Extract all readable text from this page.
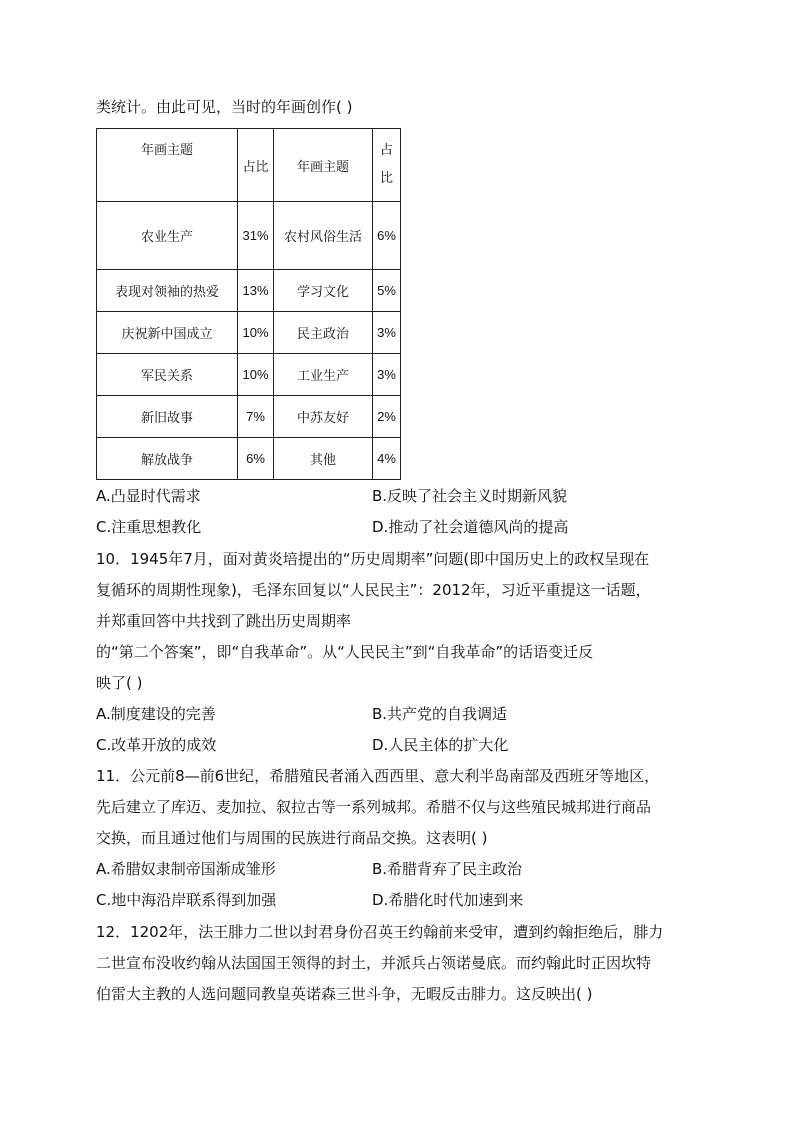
类统计。由此可见，当时的年画创作( )
年画主题	占比	年画主题	占
比
农业生产	31%	农村风俗生活	6%
表现对领袖的热爱	13%	学习文化	5%
庆祝新中国成立	10%	民主政治	3%
军民关系	10%	工业生产	3%
新旧故事	7%	中苏友好	2%
解放战争	6%	其他	4%
A.凸显时代需求	B.反映了社会主义时期新风貌
C.注重思想教化	D.推动了社会道德风尚的提高
10．1945年7月，面对黄炎培提出的“历史周期率”问题(即中国历史上的政权呈现在
复循环的周期性现象)，毛泽东回复以“人民民主”：2012年，习近平重提这一话题，
并郑重回答中共找到了跳出历史周期率
的“第二个答案”，即“自我革命”。从“人民民主”到“自我革命”的话语变迁反
映了( )
A.制度建设的完善	B.共产党的自我调适
C.改革开放的成效	D.人民主体的扩大化
11．公元前8—前6世纪，希腊殖民者涌入西西里、意大利半岛南部及西班牙等地区，
先后建立了库迈、麦加拉、叙拉古等一系列城邦。希腊不仅与这些殖民城邦进行商品
交换，而且通过他们与周围的民族进行商品交换。这表明( )
A.希腊奴隶制帝国渐成雏形	B.希腊背弃了民主政治
C.地中海沿岸联系得到加强	D.希腊化时代加速到来
12．1202年，法王腓力二世以封君身份召英王约翰前来受审，遭到约翰拒绝后，腓力
二世宣布没收约翰从法国国王领得的封土，并派兵占领诺曼底。而约翰此时正因坎特
伯雷大主教的人选问题同教皇英诺森三世斗争，无暇反击腓力。这反映出( )
